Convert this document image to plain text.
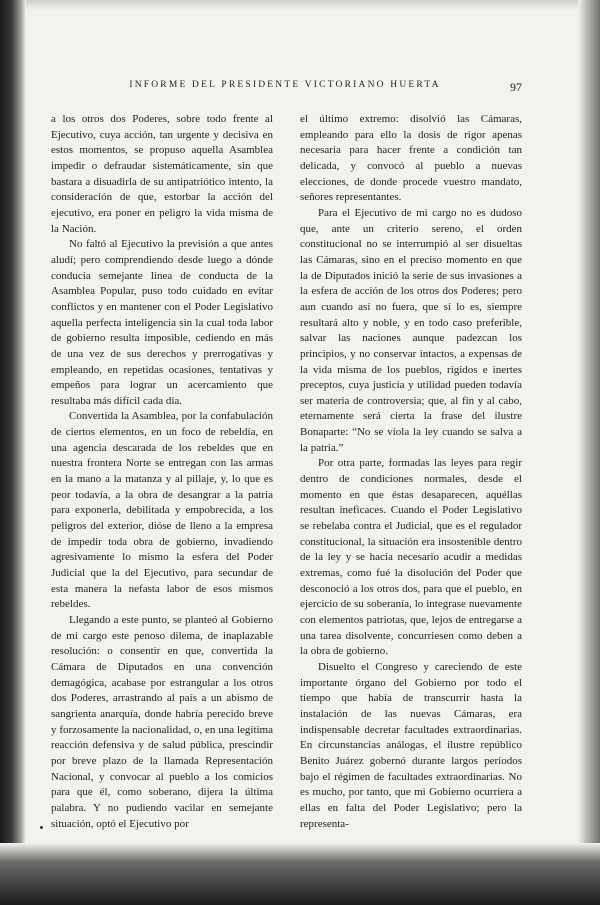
INFORME DEL PRESIDENTE VICTORIANO HUERTA	97

a los otros dos Poderes, sobre todo frente al Ejecutivo, cuya acción, tan urgente y decisiva en estos momentos, se propuso aquella Asamblea impedir o defraudar sistemáticamente, sin que bastara a disuadirla de su antipatriótico intento, la consideración de que, estorbar la acción del ejecutivo, era poner en peligro la vida misma de la Nación.

No faltó al Ejecutivo la previsión a que antes aludí; pero comprendiendo desde luego a dónde conducía semejante línea de conducta de la Asamblea Popular, puso todo cuidado en evitar conflictos y en mantener con el Poder Legislativo aquella perfecta inteligencia sin la cual toda labor de gobierno resulta imposible, cediendo en más de una vez de sus derechos y prerrogativas y empleando, en repetidas ocasiones, tentativas y empeños para lograr un acercamiento que resultaba más difícil cada día.

Convertida la Asamblea, por la confabulación de ciertos elementos, en un foco de rebeldía, en una agencia descarada de los rebeldes que en nuestra frontera Norte se entregan con las armas en la mano a la matanza y al pillaje, y, lo que es peor todavía, a la obra de desangrar a la patria para exponerla, debilitada y empobrecida, a los peligros del exterior, dióse de lleno a la empresa de impedir toda obra de gobierno, invadiendo agresivamente lo mismo la esfera del Poder Judicial que la del Ejecutivo, para secundar de esta manera la nefasta labor de esos mismos rebeldes.

Llegando a este punto, se planteó al Gobierno de mi cargo este penoso dilema, de inaplazable resolución: o consentir en que, convertida la Cámara de Diputados en una convención demagógica, acabase por estrangular a los otros dos Poderes, arrastrando al país a un abismo de sangrienta anarquía, donde habría perecido breve y forzosamente la nacionalidad, o, en una legítima reacción defensiva y de salud pública, prescindir por breve plazo de la llamada Representación Nacional, y convocar al pueblo a los comicios para que él, como soberano, dijera la última palabra. Y no pudiendo vacilar en semejante situación, optó el Ejecutivo por

el último extremo: disolvió las Cámaras, empleando para ello la dosis de rigor apenas necesaria para hacer frente a condición tan delicada, y convocó al pueblo a nuevas elecciones, de donde procede vuestro mandato, señores representantes.

Para el Ejecutivo de mi cargo no es dudoso que, ante un criterio sereno, el orden constitucional no se interrumpió al ser disueltas las Cámaras, sino en el preciso momento en que la de Diputados inició la serie de sus invasiones a la esfera de acción de los otros dos Poderes; pero aun cuando así no fuera, que sí lo es, siempre resultará alto y noble, y en todo caso preferible, salvar las naciones aunque padezcan los principios, y no conservar intactos, a expensas de la vida misma de los pueblos, rígidos e inertes preceptos, cuya justicia y utilidad pueden todavía ser materia de controversia; que, al fin y al cabo, eternamente será cierta la frase del ilustre Bonaparte: “No se viola la ley cuando se salva a la patria.”

Por otra parte, formadas las leyes para regir dentro de condiciones normales, desde el momento en que éstas desaparecen, aquéllas resultan ineficaces. Cuando el Poder Legislativo se rebelaba contra el Judicial, que es el regulador constitucional, la situación era insostenible dentro de la ley y se hacía necesario acudir a medidas extremas, como fué la disolución del Poder que desconoció a los otros dos, para que el pueblo, en ejercicio de su soberanía, lo integrase nuevamente con elementos patriotas, que, lejos de entregarse a una tarea disolvente, concurriesen como deben a la obra de gobierno.

Disuelto el Congreso y careciendo de este importante órgano del Gobierno por todo el tiempo que había de transcurrir hasta la instalación de las nuevas Cámaras, era indispensable decretar facultades extraordinarias. En circunstancias análogas, el ilustre repúblico Benito Juárez gobernó durante largos períodos bajo el régimen de facultades extraordinarias. No es mucho, por tanto, que mi Gobierno ocurriera a ellas en falta del Poder Legislativo; pero la representa-
